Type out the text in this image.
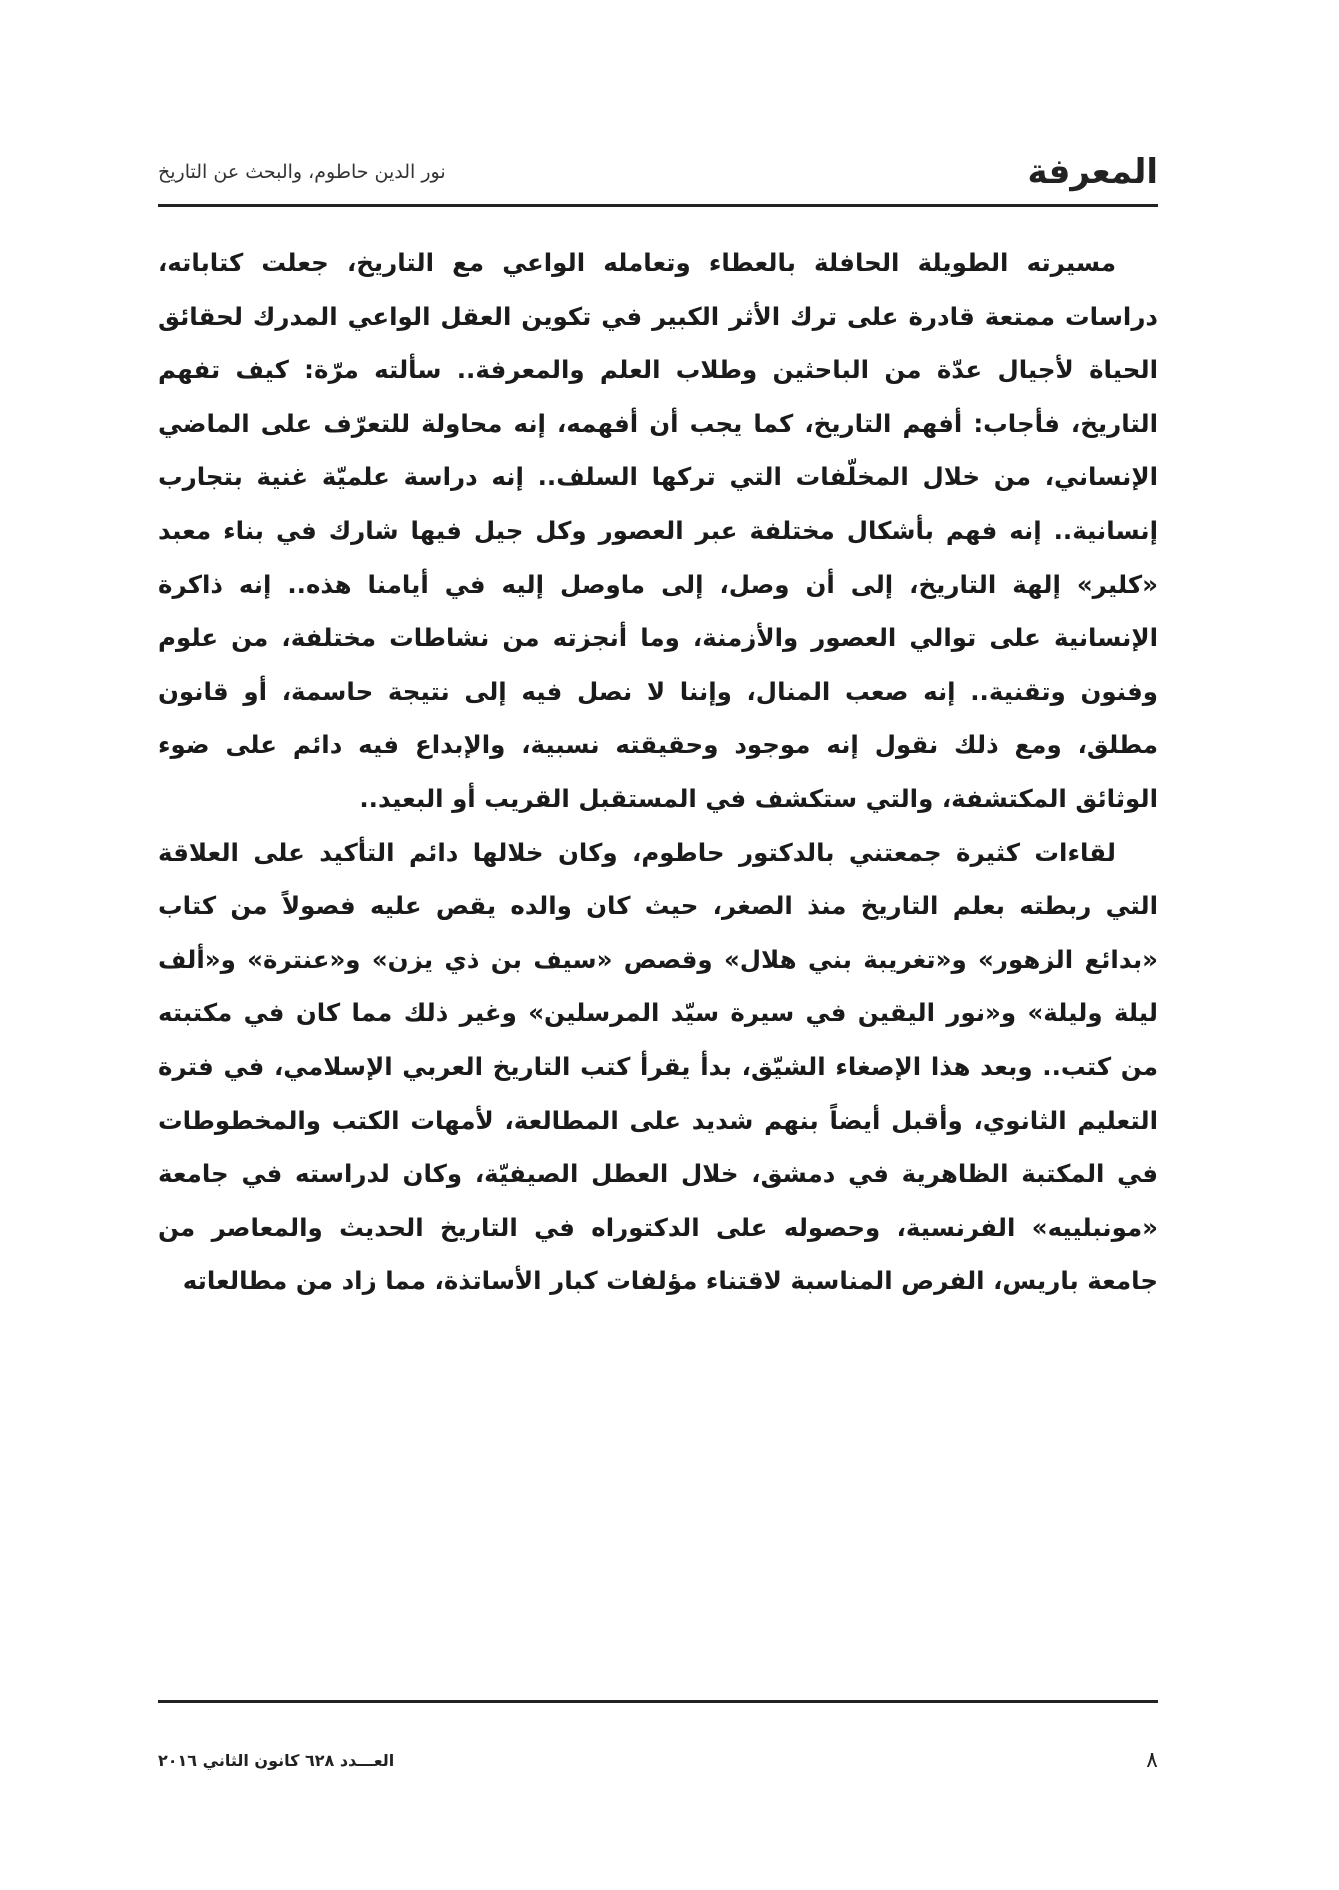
المعرفة
نور الدين حاطوم، والبحث عن التاريخ

مسيرته الطويلة الحافلة بالعطاء وتعامله الواعي مع التاريخ، جعلت كتاباته، دراسات ممتعة قادرة على ترك الأثر الكبير في تكوين العقل الواعي المدرك لحقائق الحياة لأجيال عدّة من الباحثين وطلاب العلم والمعرفة.. سألته مرّة: كيف تفهم التاريخ، فأجاب: أفهم التاريخ، كما يجب أن أفهمه، إنه محاولة للتعرّف على الماضي الإنساني، من خلال المخلّفات التي تركها السلف.. إنه دراسة علميّة غنية بتجارب إنسانية.. إنه فهم بأشكال مختلفة عبر العصور وكل جيل فيها شارك في بناء معبد «كلير» إلهة التاريخ، إلى أن وصل، إلى ماوصل إليه في أيامنا هذه.. إنه ذاكرة الإنسانية على توالي العصور والأزمنة، وما أنجزته من نشاطات مختلفة، من علوم وفنون وتقنية.. إنه صعب المنال، وإننا لا نصل فيه إلى نتيجة حاسمة، أو قانون مطلق، ومع ذلك نقول إنه موجود وحقيقته نسبية، والإبداع فيه دائم على ضوء الوثائق المكتشفة، والتي ستكشف في المستقبل القريب أو البعيد..

لقاءات كثيرة جمعتني بالدكتور حاطوم، وكان خلالها دائم التأكيد على العلاقة التي ربطته بعلم التاريخ منذ الصغر، حيث كان والده يقص عليه فصولاً من كتاب «بدائع الزهور» و«تغريبة بني هلال» وقصص «سيف بن ذي يزن» و«عنترة» و«ألف ليلة وليلة» و«نور اليقين في سيرة سيّد المرسلين» وغير ذلك مما كان في مكتبته من كتب.. وبعد هذا الإصغاء الشيّق، بدأ يقرأ كتب التاريخ العربي الإسلامي، في فترة التعليم الثانوي، وأقبل أيضاً بنهم شديد على المطالعة، لأمهات الكتب والمخطوطات في المكتبة الظاهرية في دمشق، خلال العطل الصيفيّة، وكان لدراسته في جامعة «مونبلييه» الفرنسية، وحصوله على الدكتوراه في التاريخ الحديث والمعاصر من جامعة باريس، الفرص المناسبة لاقتناء مؤلفات كبار الأساتذة، مما زاد من مطالعاته

٨
العـــدد ٦٢٨ كانون الثاني ٢٠١٦
